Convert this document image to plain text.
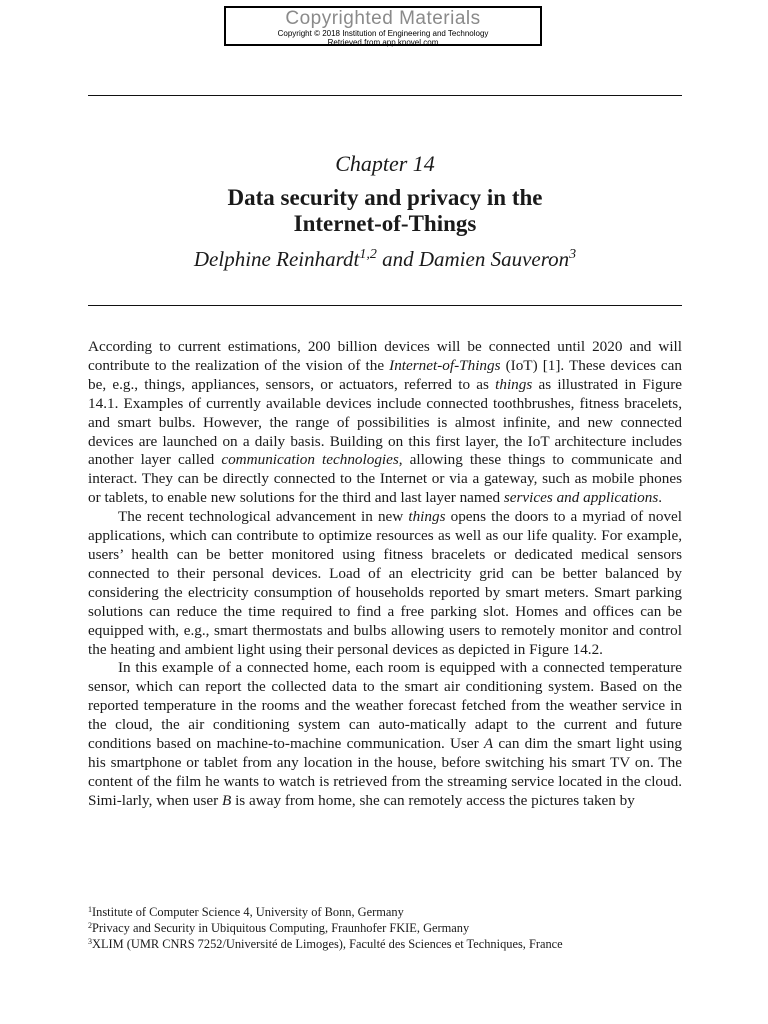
Copyrighted Materials
Copyright © 2018 Institution of Engineering and Technology
Retrieved from app.knovel.com
Chapter 14
Data security and privacy in the
Internet-of-Things
Delphine Reinhardt$^{1,2}$ and Damien Sauveron$^3$

According to current estimations, 200 billion devices will be connected until 2020 and will contribute to the realization of the vision of the Internet-of-Things (IoT) [1]. These devices can be, e.g., things, appliances, sensors, or actuators, referred to as things as illustrated in Figure 14.1. Examples of currently available devices include connected toothbrushes, fitness bracelets, and smart bulbs. However, the range of possibilities is almost infinite, and new connected devices are launched on a daily basis. Building on this first layer, the IoT architecture includes another layer called communication technologies, allowing these things to communicate and interact. They can be directly connected to the Internet or via a gateway, such as mobile phones or tablets, to enable new solutions for the third and last layer named services and applications.

The recent technological advancement in new things opens the doors to a myriad of novel applications, which can contribute to optimize resources as well as our life quality. For example, users’ health can be better monitored using fitness bracelets or dedicated medical sensors connected to their personal devices. Load of an electricity grid can be better balanced by considering the electricity consumption of households reported by smart meters. Smart parking solutions can reduce the time required to find a free parking slot. Homes and offices can be equipped with, e.g., smart thermostats and bulbs allowing users to remotely monitor and control the heating and ambient light using their personal devices as depicted in Figure 14.2.

In this example of a connected home, each room is equipped with a connected temperature sensor, which can report the collected data to the smart air conditioning system. Based on the reported temperature in the rooms and the weather forecast fetched from the weather service in the cloud, the air conditioning system can auto-matically adapt to the current and future conditions based on machine-to-machine communication. User A can dim the smart light using his smartphone or tablet from any location in the house, before switching his smart TV on. The content of the film he wants to watch is retrieved from the streaming service located in the cloud. Simi-larly, when user B is away from home, she can remotely access the pictures taken by

$^1$Institute of Computer Science 4, University of Bonn, Germany
$^2$Privacy and Security in Ubiquitous Computing, Fraunhofer FKIE, Germany
$^3$XLIM (UMR CNRS 7252/Université de Limoges), Faculté des Sciences et Techniques, France
